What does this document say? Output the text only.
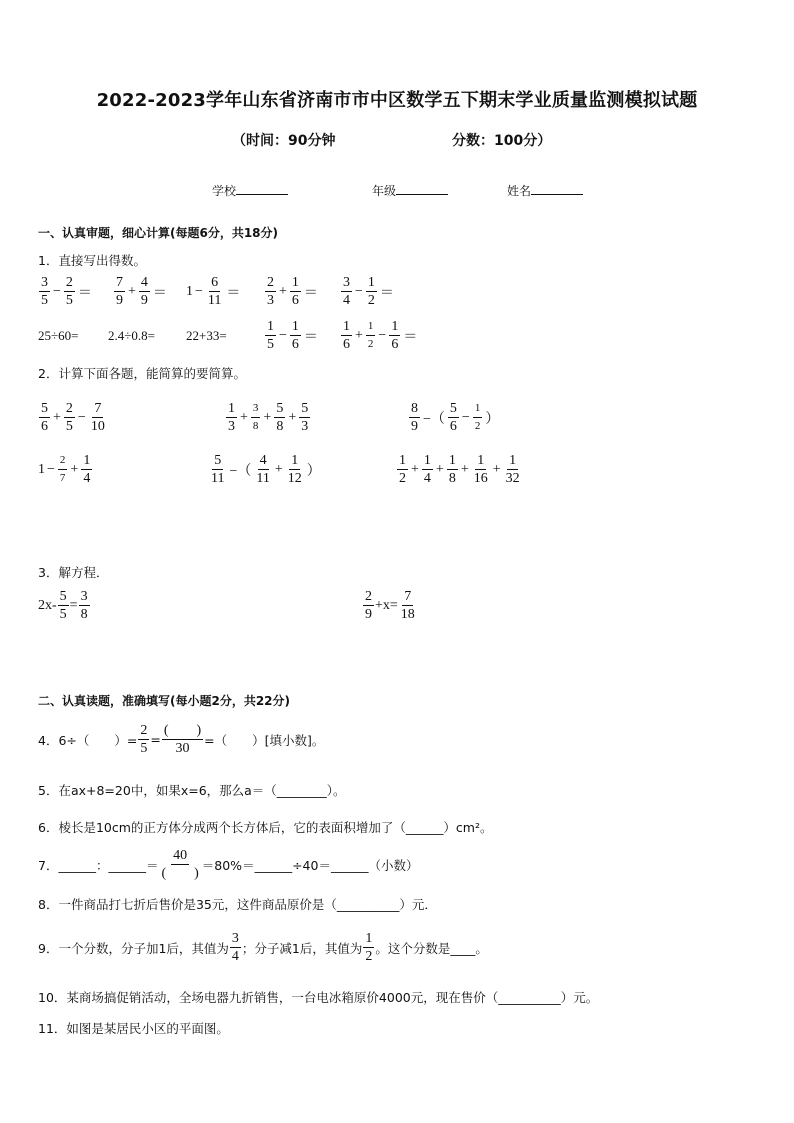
2022-2023学年山东省济南市市中区数学五下期末学业质量监测模拟试题
（时间：90分钟	分数：100分）
学校	年级	姓名
一、认真审题，细心计算(每题6分，共18分)
1．直接写出得数。
$\frac{3}{5} - \frac{2}{5} = \frac{7}{9} + \frac{4}{9} = 1 - \frac{6}{11} = \frac{2}{3} + \frac{1}{6} = \frac{3}{4} - \frac{1}{2}$ ＝
25÷60= 2.4÷0.8= 22+33=	$\frac{1}{5} - \frac{1}{6} = \frac{1}{6} + \frac{1}{2} - \frac{1}{6}$ ＝
2．计算下面各题，能简算的要简算。
$\frac{5}{6} + \frac{2}{5} - \frac{7}{10}$	$\frac{1}{3} + \frac{3}{8} + \frac{5}{8} + \frac{5}{3}$	$\frac{8}{9}$ −（ $\frac{5}{6} - \frac{1}{2}$ ）
$1 - \frac{2}{7} + \frac{1}{4}$	$\frac{5}{11}$ −（ $\frac{4}{11} + \frac{1}{12}$ ）	$\frac{1}{2} + \frac{1}{4} + \frac{1}{8} + \frac{1}{16} + \frac{1}{32}$
3．解方程．
$2x- \frac{5}{5} = \frac{3}{8}$	$\frac{2}{9} +x= \frac{7}{18}$
二、认真读题，准确填写(每小题2分，共22分)
4．6÷（　　）= $\frac{2}{5} = \frac{( )}{30}$ =（　　）[填小数]。
5．在ax+8=20中，如果x=6，那么a＝（________）。
6．棱长是10cm的正方体分成两个长方体后，它的表面积增加了（______）cm²。
7．______：______＝ $\frac{40}{( )}$ ＝80%＝______÷40＝______（小数）
8．一件商品打七折后售价是35元，这件商品原价是（__________）元．
9．一个分数，分子加1后，其值为 $\frac{3}{4}$ ；分子减1后，其值为 $\frac{1}{2}$ 。这个分数是____。
10．某商场搞促销活动，全场电器九折销售，一台电冰箱原价4000元，现在售价（__________）元。
11．如图是某居民小区的平面图。
